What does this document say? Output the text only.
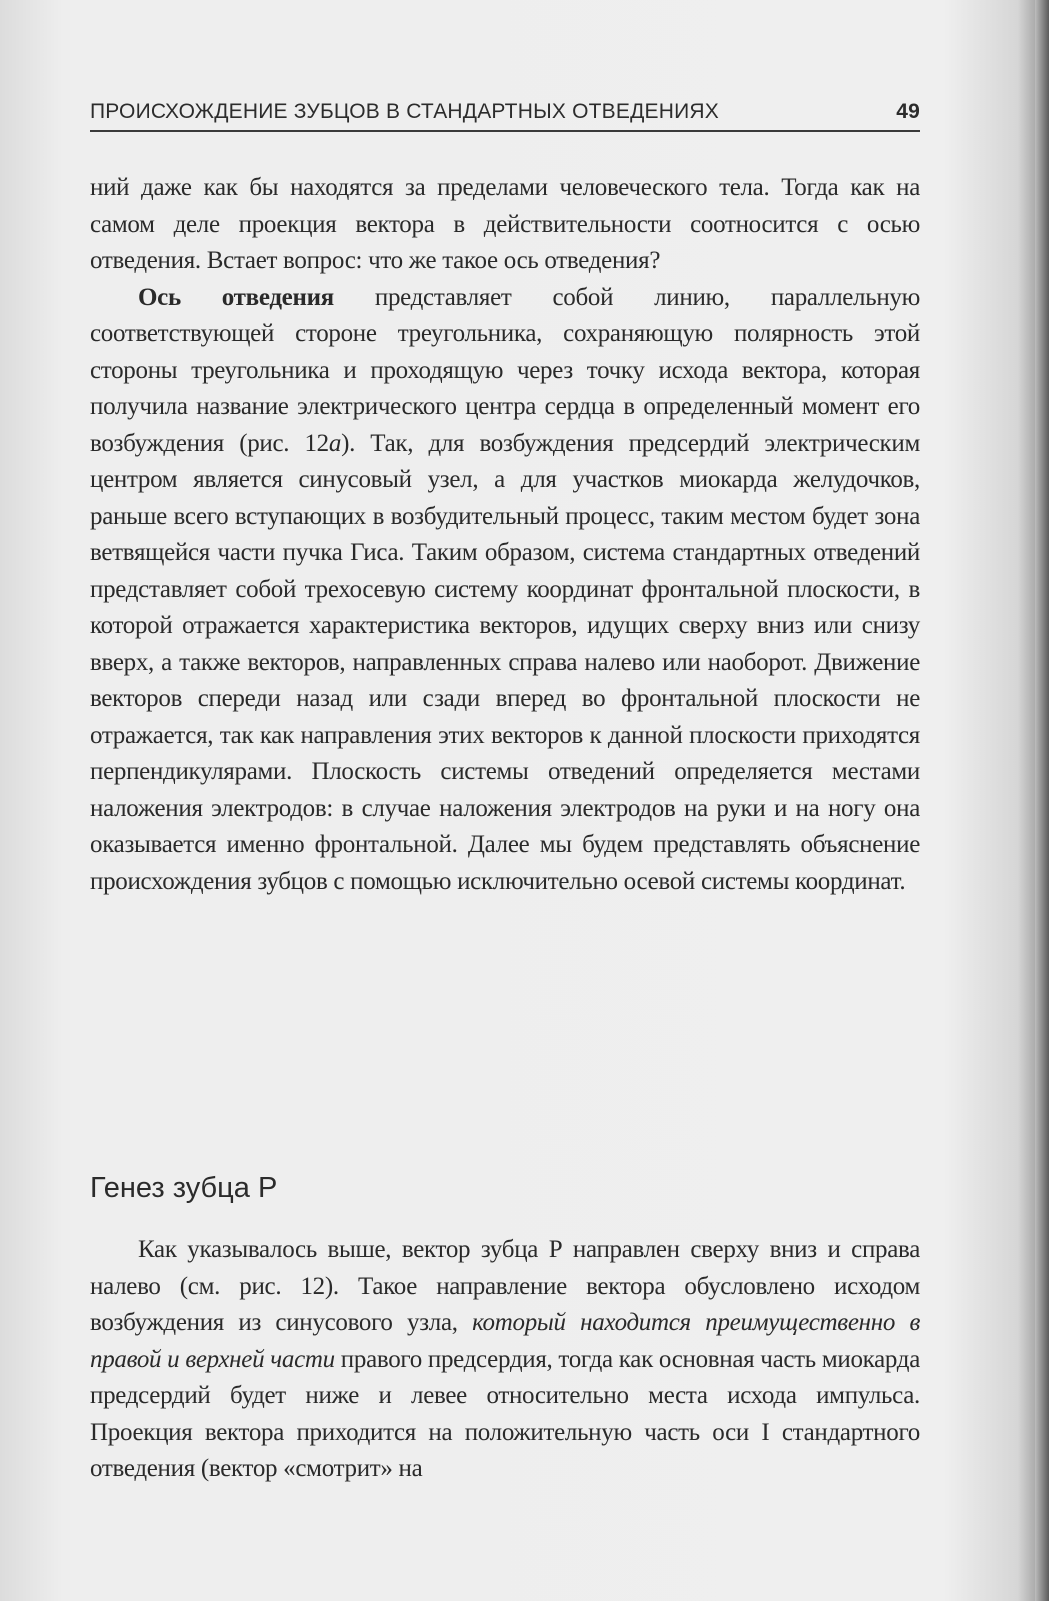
ПРОИСХОЖДЕНИЕ ЗУБЦОВ В СТАНДАРТНЫХ ОТВЕДЕНИЯХ	49

ний даже как бы находятся за пределами человеческого тела. Тогда как на самом деле проекция вектора в действительности соотносится с осью отведения. Встает вопрос: что же такое ось отведения?

Ось отведения представляет собой линию, параллельную соответствующей стороне треугольника, сохраняющую полярность этой стороны треугольника и проходящую через точку исхода вектора, которая получила название электрического центра сердца в определенный момент его возбуждения (рис. 12а). Так, для возбуждения предсердий электрическим центром является синусовый узел, а для участков миокарда желудочков, раньше всего вступающих в возбудительный процесс, таким местом будет зона ветвящейся части пучка Гиса. Таким образом, система стандартных отведений представляет собой трехосевую систему координат фронтальной плоскости, в которой отражается характеристика векторов, идущих сверху вниз или снизу вверх, а также векторов, направленных справа налево или наоборот. Движение векторов спереди назад или сзади вперед во фронтальной плоскости не отражается, так как направления этих векторов к данной плоскости приходятся перпендикулярами. Плоскость системы отведений определяется местами наложения электродов: в случае наложения электродов на руки и на ногу она оказывается именно фронтальной. Далее мы будем представлять объяснение происхождения зубцов с помощью исключительно осевой системы координат.

Генез зубца Р

Как указывалось выше, вектор зубца Р направлен сверху вниз и справа налево (см. рис. 12). Такое направление вектора обусловлено исходом возбуждения из синусового узла, который находится преимущественно в правой и верхней части правого предсердия, тогда как основная часть миокарда предсердий будет ниже и левее относительно места исхода импульса. Проекция вектора приходится на положительную часть оси I стандартного отведения (вектор «смотрит» на
